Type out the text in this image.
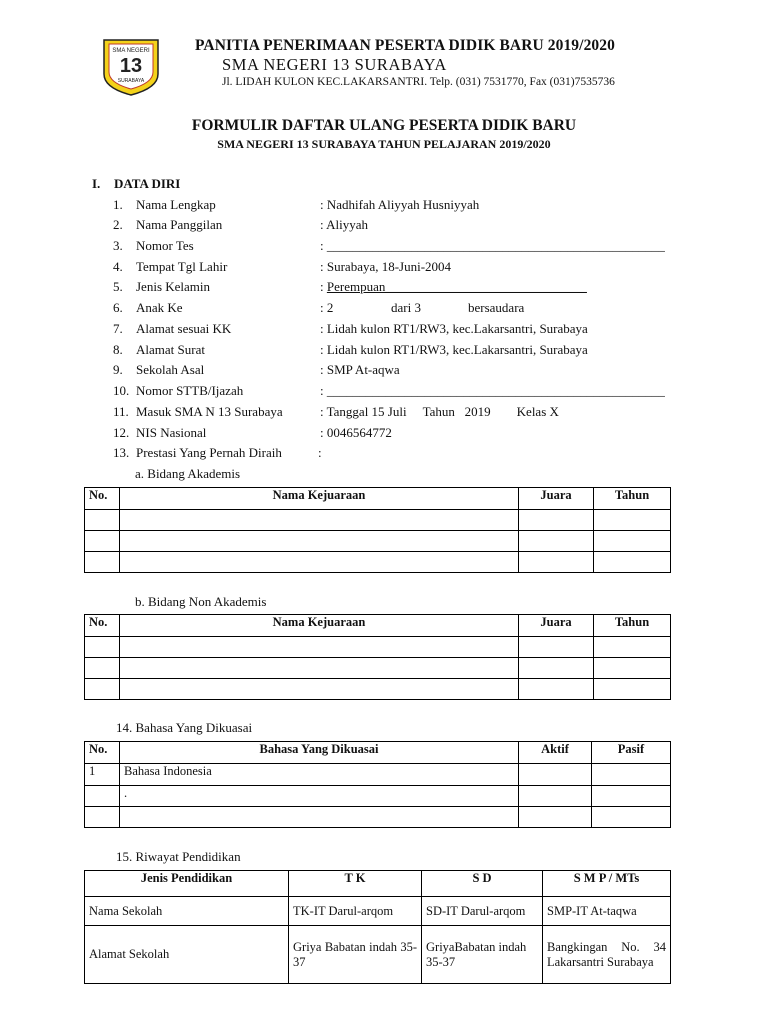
SMA NEGERI
13
SURABAYA
PANITIA PENERIMAAN PESERTA DIDIK BARU 2019/2020
SMA NEGERI 13 SURABAYA
Jl. LIDAH KULON KEC.LAKARSANTRI. Telp. (031) 7531770, Fax (031)7535736
FORMULIR DAFTAR ULANG PESERTA DIDIK BARU
SMA NEGERI 13 SURABAYA TAHUN PELAJARAN 2019/2020
I. DATA DIRI
1.	Nama Lengkap	: Nadhifah Aliyyah Husniyyah
2.	Nama Panggilan	: Aliyyah
3.	Nomor Tes	: ____________________________________________________
4.	Tempat Tgl Lahir	: Surabaya, 18-Juni-2004
5.	Jenis Kelamin	: Perempuan_______________________________
6.	Anak Ke	: 2	dari 3	bersaudara
7.	Alamat sesuai KK	: Lidah kulon RT1/RW3, kec.Lakarsantri, Surabaya
8.	Alamat Surat	: Lidah kulon RT1/RW3, kec.Lakarsantri, Surabaya
9.	Sekolah Asal	: SMP At-aqwa
10. Nomor STTB/Ijazah	: ____________________________________________________
11. Masuk SMA N 13 Surabaya	: Tanggal 15 Juli     Tahun   2019        Kelas X
12. NIS Nasional	: 0046564772
13. Prestasi Yang Pernah Diraih	:
a. Bidang Akademis
No.	Nama Kejuaraan	Juara	Tahun

b. Bidang Non Akademis
No.	Nama Kejuaraan	Juara	Tahun

14. Bahasa Yang Dikuasai
No.	Bahasa Yang Dikuasai	Aktif	Pasif
1	Bahasa Indonesia		
	.		

15. Riwayat Pendidikan
Jenis Pendidikan	T K	S D	S M P / MTs
Nama Sekolah	TK-IT Darul-arqom	SD-IT Darul-arqom	SMP-IT At-taqwa
Alamat Sekolah	Griya Babatan indah 35-37	GriyaBabatan indah 35-37	Bangkingan No. 34 Lakarsantri Surabaya
